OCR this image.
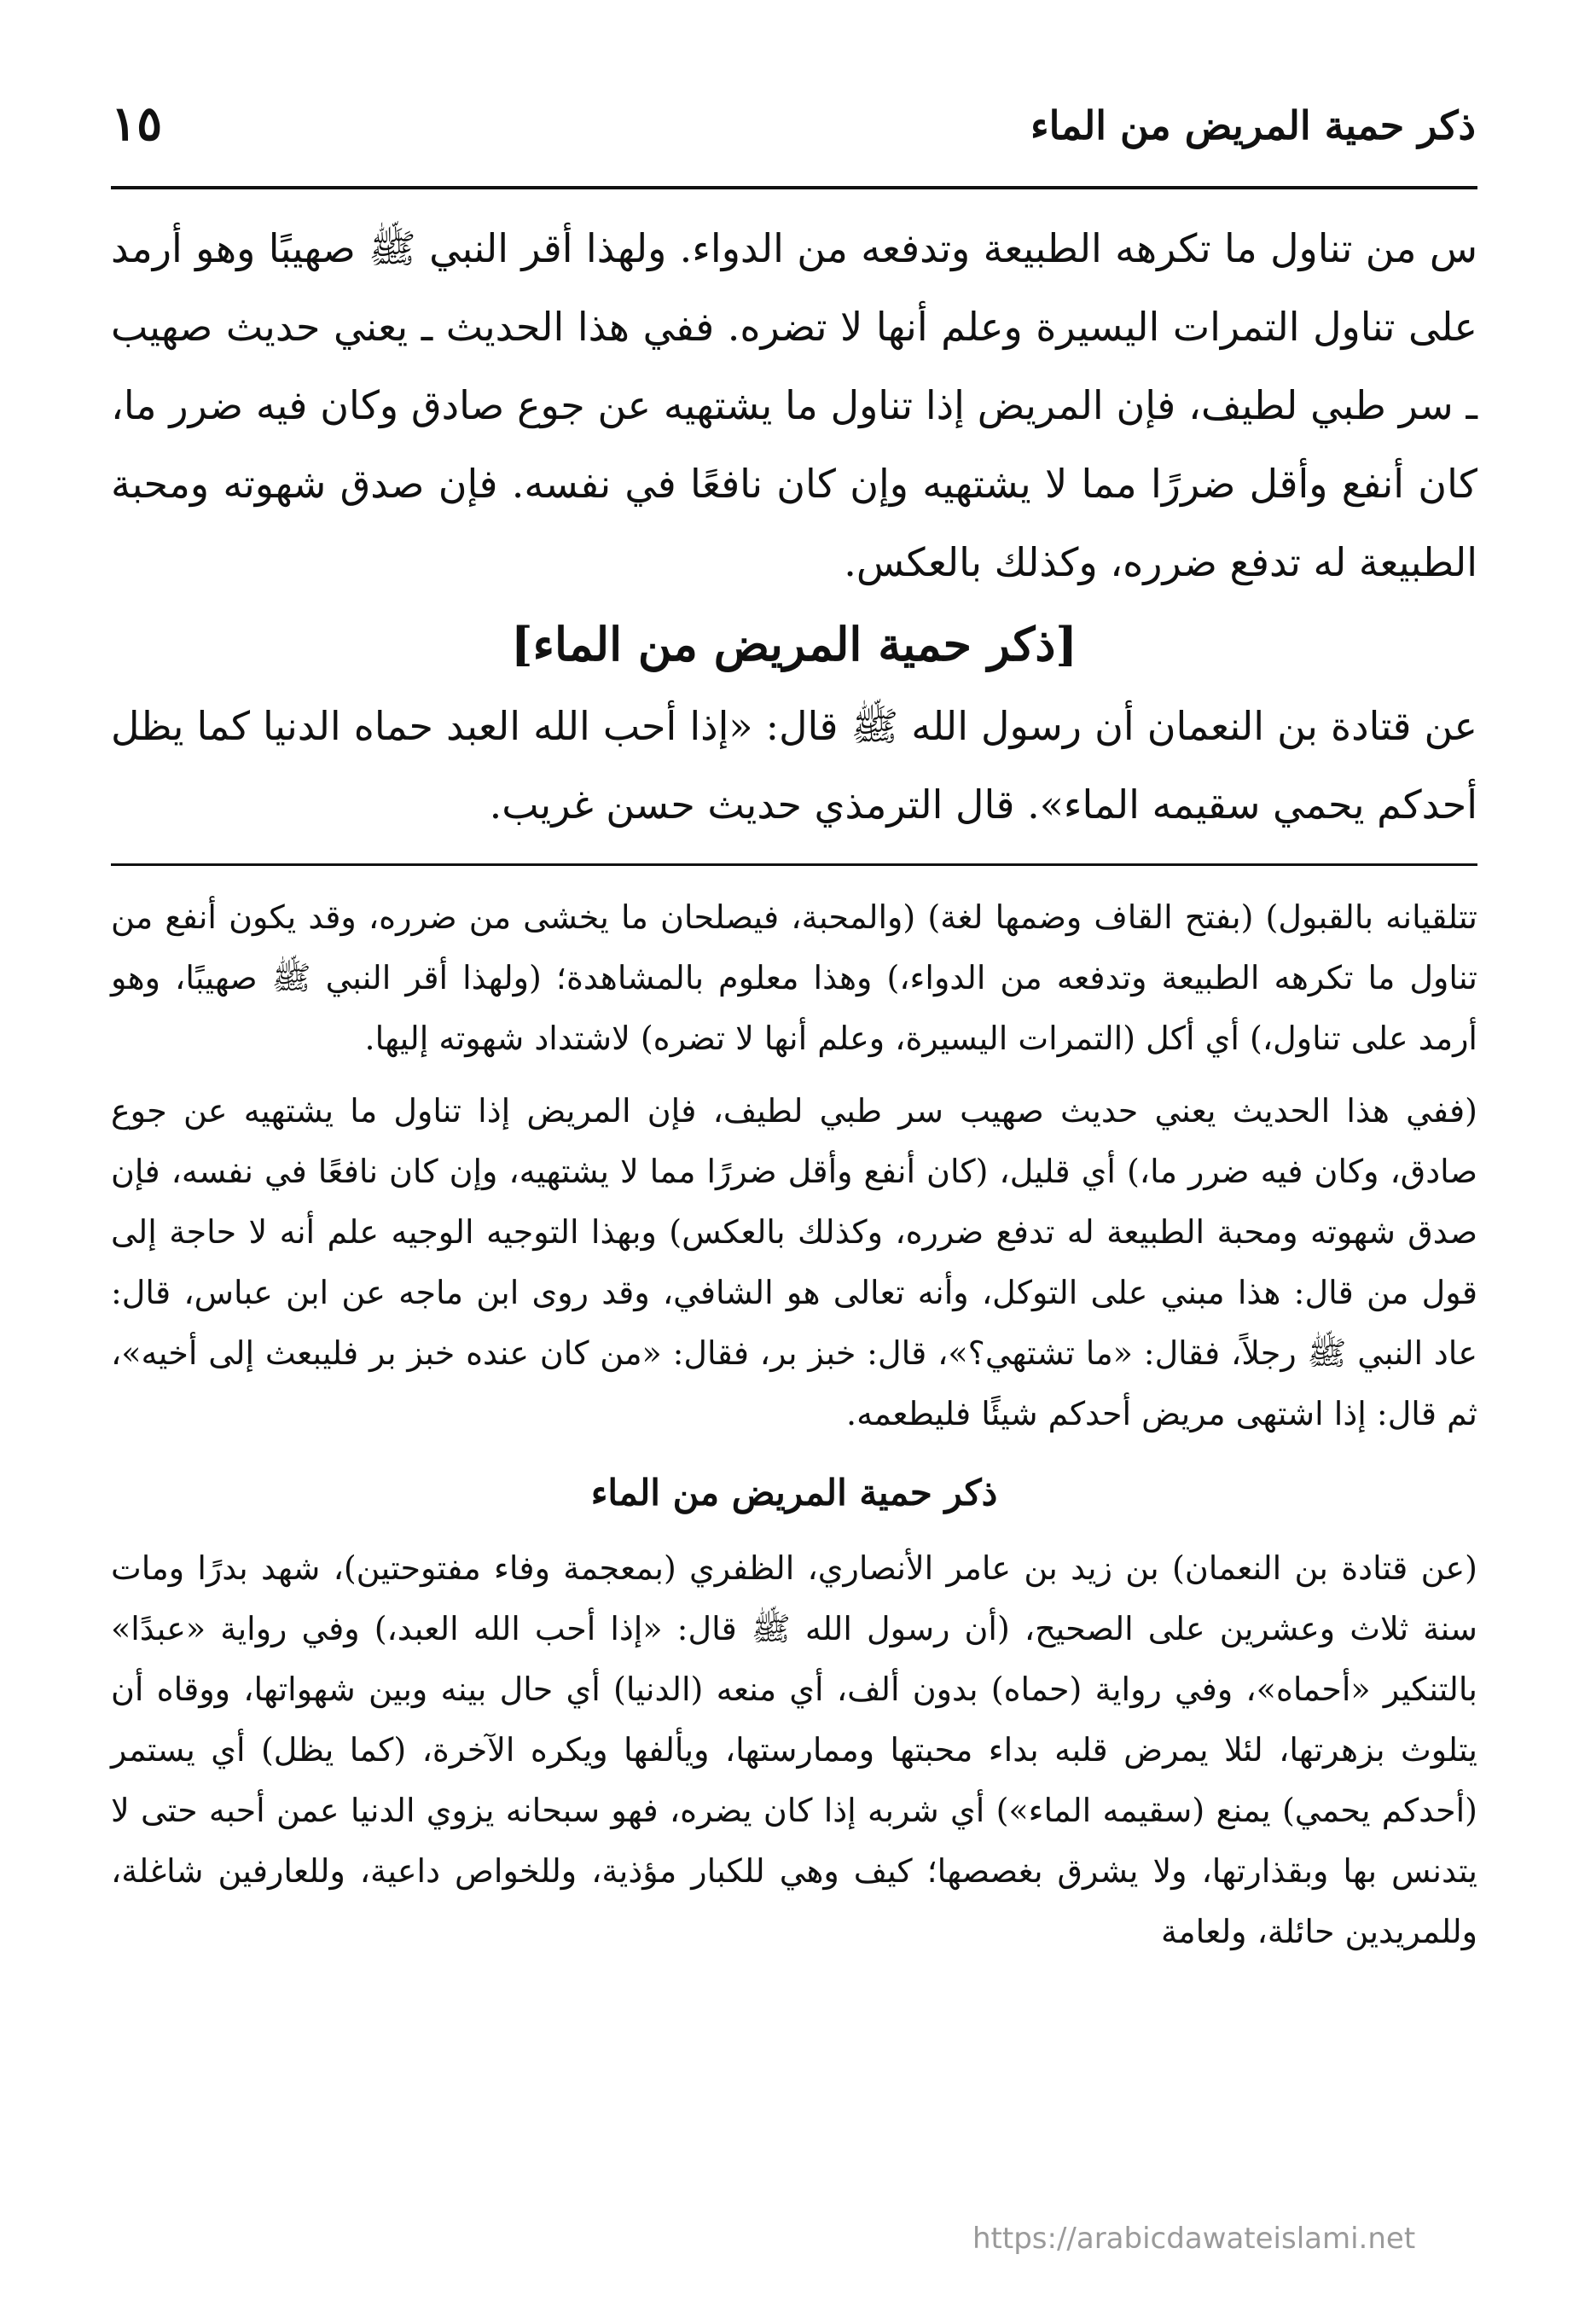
ذكر حمية المريض من الماء
١٥

س من تناول ما تكرهه الطبيعة وتدفعه من الدواء. ولهذا أقر النبي ﷺ صهيبًا وهو أرمد على تناول التمرات اليسيرة وعلم أنها لا تضره. ففي هذا الحديث ـ يعني حديث صهيب ـ سر طبي لطيف، فإن المريض إذا تناول ما يشتهيه عن جوع صادق وكان فيه ضرر ما، كان أنفع وأقل ضررًا مما لا يشتهيه وإن كان نافعًا في نفسه. فإن صدق شهوته ومحبة الطبيعة له تدفع ضرره، وكذلك بالعكس.

[ذكر حمية المريض من الماء]

عن قتادة بن النعمان أن رسول الله ﷺ قال: «إذا أحب الله العبد حماه الدنيا كما يظل أحدكم يحمي سقيمه الماء». قال الترمذي حديث حسن غريب.

تتلقيانه بالقبول) (بفتح القاف وضمها لغة) (والمحبة، فيصلحان ما يخشى من ضرره، وقد يكون أنفع من تناول ما تكرهه الطبيعة وتدفعه من الدواء،) وهذا معلوم بالمشاهدة؛ (ولهذا أقر النبي ﷺ صهيبًا، وهو أرمد على تناول،) أي أكل (التمرات اليسيرة، وعلم أنها لا تضره) لاشتداد شهوته إليها.

(ففي هذا الحديث يعني حديث صهيب سر طبي لطيف، فإن المريض إذا تناول ما يشتهيه عن جوع صادق، وكان فيه ضرر ما،) أي قليل، (كان أنفع وأقل ضررًا مما لا يشتهيه، وإن كان نافعًا في نفسه، فإن صدق شهوته ومحبة الطبيعة له تدفع ضرره، وكذلك بالعكس) وبهذا التوجيه الوجيه علم أنه لا حاجة إلى قول من قال: هذا مبني على التوكل، وأنه تعالى هو الشافي، وقد روى ابن ماجه عن ابن عباس، قال: عاد النبي ﷺ رجلاً، فقال: «ما تشتهي؟»، قال: خبز بر، فقال: «من كان عنده خبز بر فليبعث إلى أخيه»، ثم قال: إذا اشتهى مريض أحدكم شيئًا فليطعمه.

ذكر حمية المريض من الماء

(عن قتادة بن النعمان) بن زيد بن عامر الأنصاري، الظفري (بمعجمة وفاء مفتوحتين)، شهد بدرًا ومات سنة ثلاث وعشرين على الصحيح، (أن رسول الله ﷺ قال: «إذا أحب الله العبد،) وفي رواية «عبدًا» بالتنكير «أحماه»، وفي رواية (حماه) بدون ألف، أي منعه (الدنيا) أي حال بينه وبين شهواتها، ووقاه أن يتلوث بزهرتها، لئلا يمرض قلبه بداء محبتها وممارستها، ويألفها ويكره الآخرة، (كما يظل) أي يستمر (أحدكم يحمي) يمنع (سقيمه الماء») أي شربه إذا كان يضره، فهو سبحانه يزوي الدنيا عمن أحبه حتى لا يتدنس بها وبقذارتها، ولا يشرق بغصصها؛ كيف وهي للكبار مؤذية، وللخواص داعية، وللعارفين شاغلة، وللمريدين حائلة، ولعامة

https://arabicdawateislami.net
